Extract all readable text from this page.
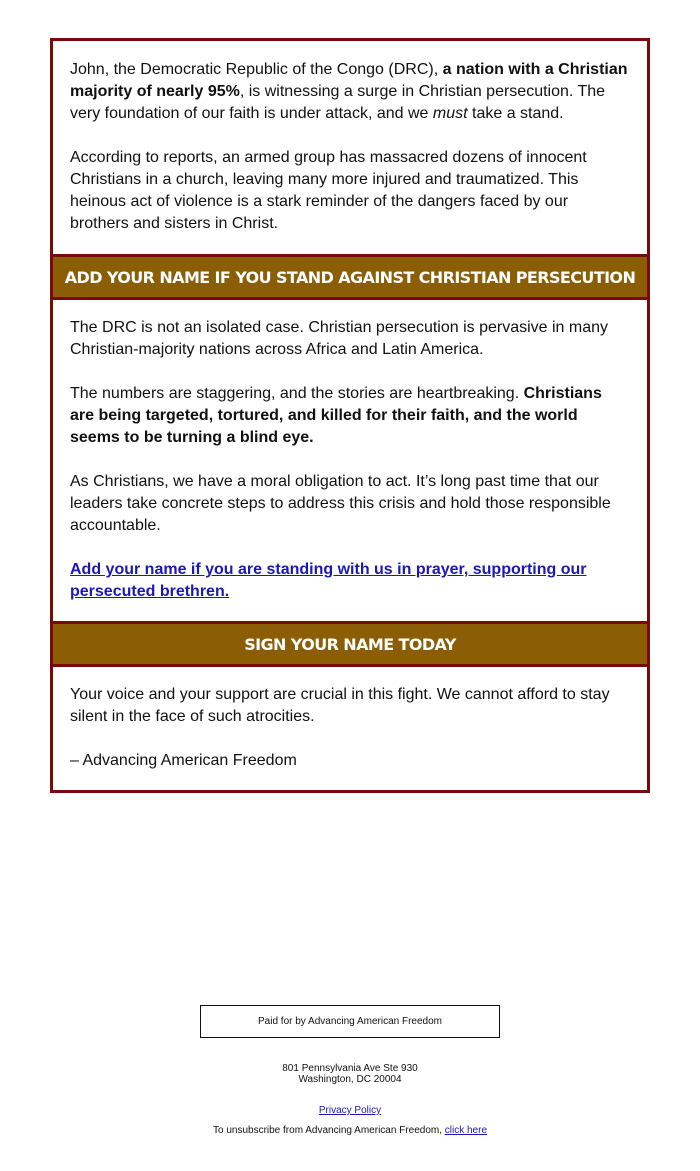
John, the Democratic Republic of the Congo (DRC), a nation with a Christian majority of nearly 95%, is witnessing a surge in Christian persecution. The very foundation of our faith is under attack, and we must take a stand.

According to reports, an armed group has massacred dozens of innocent Christians in a church, leaving many more injured and traumatized. This heinous act of violence is a stark reminder of the dangers faced by our brothers and sisters in Christ.

ADD YOUR NAME IF YOU STAND AGAINST CHRISTIAN PERSECUTION

The DRC is not an isolated case. Christian persecution is pervasive in many Christian-majority nations across Africa and Latin America.

The numbers are staggering, and the stories are heartbreaking. Christians are being targeted, tortured, and killed for their faith, and the world seems to be turning a blind eye.

As Christians, we have a moral obligation to act. It’s long past time that our leaders take concrete steps to address this crisis and hold those responsible accountable.

Add your name if you are standing with us in prayer, supporting our persecuted brethren.

SIGN YOUR NAME TODAY

Your voice and your support are crucial in this fight. We cannot afford to stay silent in the face of such atrocities.

– Advancing American Freedom

Paid for by Advancing American Freedom
801 Pennsylvania Ave Ste 930
Washington, DC 20004
Privacy Policy
To unsubscribe from Advancing American Freedom, click here
